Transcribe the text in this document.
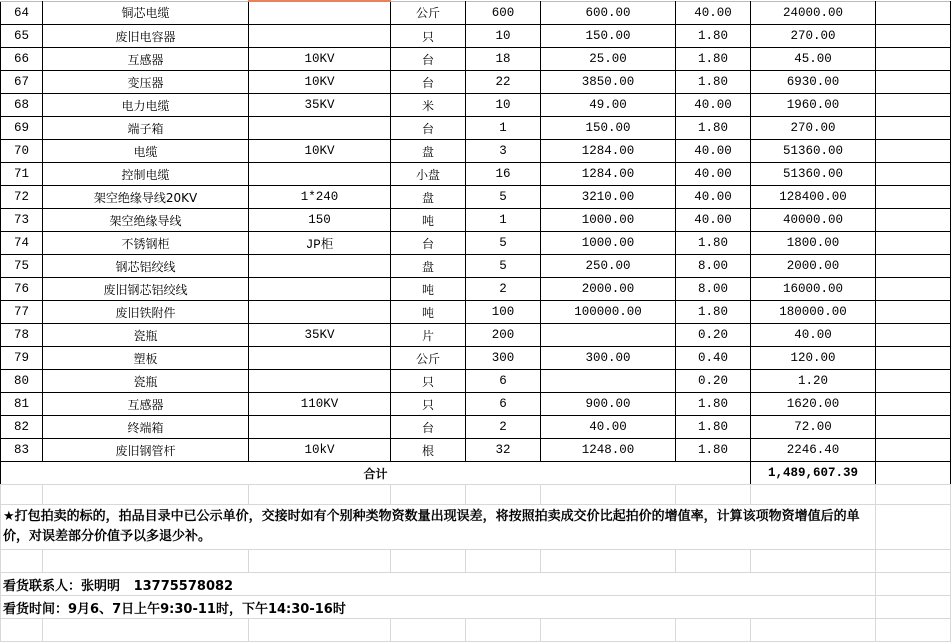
64	铜芯电缆		公斤	600	600.00	40.00	24000.00	
65	废旧电容器		只	10	150.00	1.80	270.00	
66	互感器	10KV	台	18	25.00	1.80	45.00	
67	变压器	10KV	台	22	3850.00	1.80	6930.00	
68	电力电缆	35KV	米	10	49.00	40.00	1960.00	
69	端子箱		台	1	150.00	1.80	270.00	
70	电缆	10KV	盘	3	1284.00	40.00	51360.00	
71	控制电缆		小盘	16	1284.00	40.00	51360.00	
72	架空绝缘导线20KV	1*240	盘	5	3210.00	40.00	128400.00	
73	架空绝缘导线	150	吨	1	1000.00	40.00	40000.00	
74	不锈钢柜	JP柜	台	5	1000.00	1.80	1800.00	
75	钢芯铝绞线		盘	5	250.00	8.00	2000.00	
76	废旧钢芯铝绞线		吨	2	2000.00	8.00	16000.00	
77	废旧铁附件		吨	100	100000.00	1.80	180000.00	
78	瓷瓶	35KV	片	200		0.20	40.00	
79	塑板		公斤	300	300.00	0.40	120.00	
80	瓷瓶		只	6		0.20	1.20	
81	互感器	110KV	只	6	900.00	1.80	1620.00	
82	终端箱		台	2	40.00	1.80	72.00	
83	废旧钢管杆	10kV	根	32	1248.00	1.80	2246.40	
合计							1,489,607.39	

★打包拍卖的标的，拍品目录中已公示单价，交接时如有个别种类物资数量出现误差，将按照拍卖成交价比起拍价的增值率，计算该项物资增值后的单价，对误差部分价值予以多退少补。								

看货联系人：张明明   13775578082								
看货时间：9月6、7日上午9:30-11时，下午14:30-16时								
